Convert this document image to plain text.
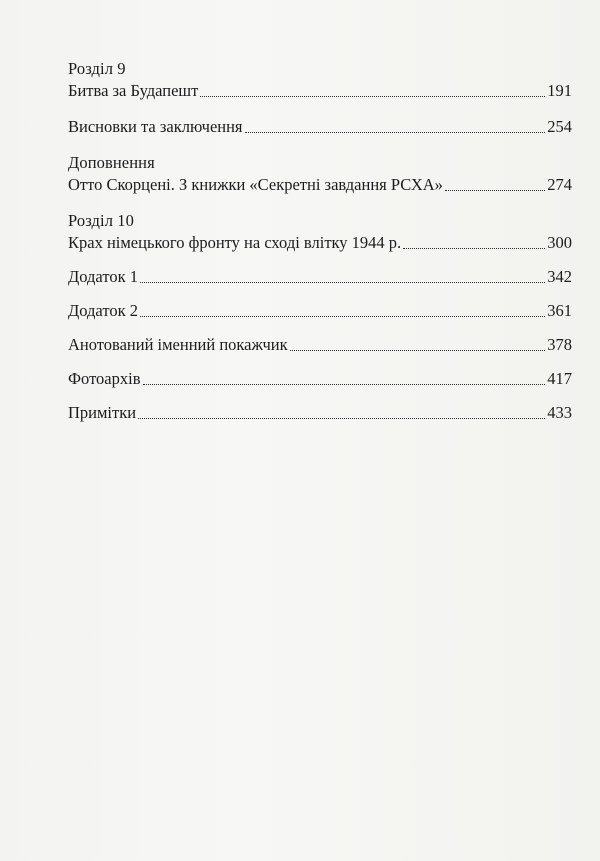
Розділ 9
Битва за Будапешт	191
Висновки та заключення	254
Доповнення
Отто Скорцені. З книжки «Секретні завдання РСХА»	274
Розділ 10
Крах німецького фронту на сході влітку 1944 р.	300
Додаток 1	342
Додаток 2	361
Анотований іменний покажчик	378
Фотоархів	417
Примітки	433
